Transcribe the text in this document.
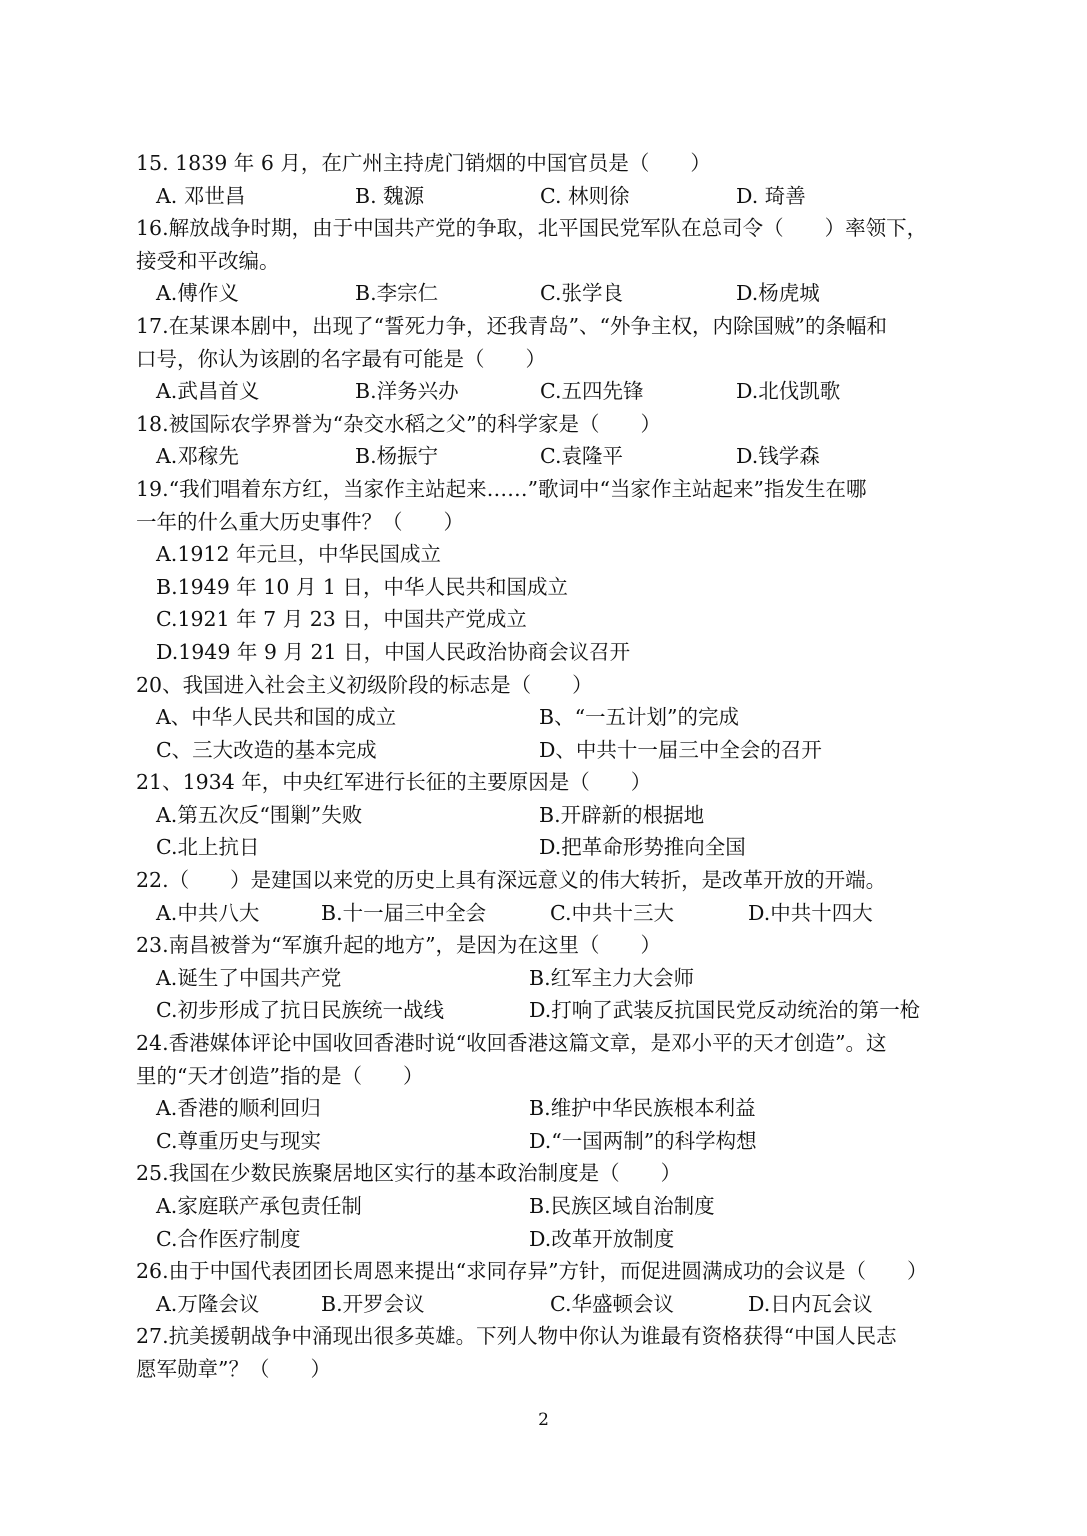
15. 1839 年 6 月，在广州主持虎门销烟的中国官员是（　　）
A. 邓世昌	B. 魏源	C. 林则徐	D. 琦善
16.解放战争时期，由于中国共产党的争取，北平国民党军队在总司令（　　）率领下，
接受和平改编。
A.傅作义	B.李宗仁	C.张学良	D.杨虎城
17.在某课本剧中，出现了“誓死力争，还我青岛”、“外争主权，内除国贼”的条幅和
口号，你认为该剧的名字最有可能是（　　）
A.武昌首义	B.洋务兴办	C.五四先锋	D.北伐凯歌
18.被国际农学界誉为“杂交水稻之父”的科学家是（　　）
A.邓稼先	B.杨振宁	C.袁隆平	D.钱学森
19.“我们唱着东方红，当家作主站起来……”歌词中“当家作主站起来”指发生在哪
一年的什么重大历史事件？（　　）
A.1912 年元旦，中华民国成立
B.1949 年 10 月 1 日，中华人民共和国成立
C.1921 年 7 月 23 日，中国共产党成立
D.1949 年 9 月 21 日，中国人民政治协商会议召开
20、我国进入社会主义初级阶段的标志是（　　）
A、中华人民共和国的成立	B、“一五计划”的完成
C、三大改造的基本完成	D、中共十一届三中全会的召开
21、1934 年，中央红军进行长征的主要原因是（　　）
A.第五次反“围剿”失败	B.开辟新的根据地
C.北上抗日	D.把革命形势推向全国
22.（　　）是建国以来党的历史上具有深远意义的伟大转折，是改革开放的开端。
A.中共八大	B.十一届三中全会	C.中共十三大	D.中共十四大
23.南昌被誉为“军旗升起的地方”，是因为在这里（　　）
A.诞生了中国共产党	B.红军主力大会师
C.初步形成了抗日民族统一战线	D.打响了武装反抗国民党反动统治的第一枪
24.香港媒体评论中国收回香港时说“收回香港这篇文章，是邓小平的天才创造”。这
里的“天才创造”指的是（　　）
A.香港的顺利回归	B.维护中华民族根本利益
C.尊重历史与现实	D.“一国两制”的科学构想
25.我国在少数民族聚居地区实行的基本政治制度是（　　）
A.家庭联产承包责任制	B.民族区域自治制度
C.合作医疗制度	D.改革开放制度
26.由于中国代表团团长周恩来提出“求同存异”方针，而促进圆满成功的会议是（　　）
A.万隆会议	B.开罗会议	C.华盛顿会议	D.日内瓦会议
27.抗美援朝战争中涌现出很多英雄。下列人物中你认为谁最有资格获得“中国人民志
愿军勋章”？（　　）
2
